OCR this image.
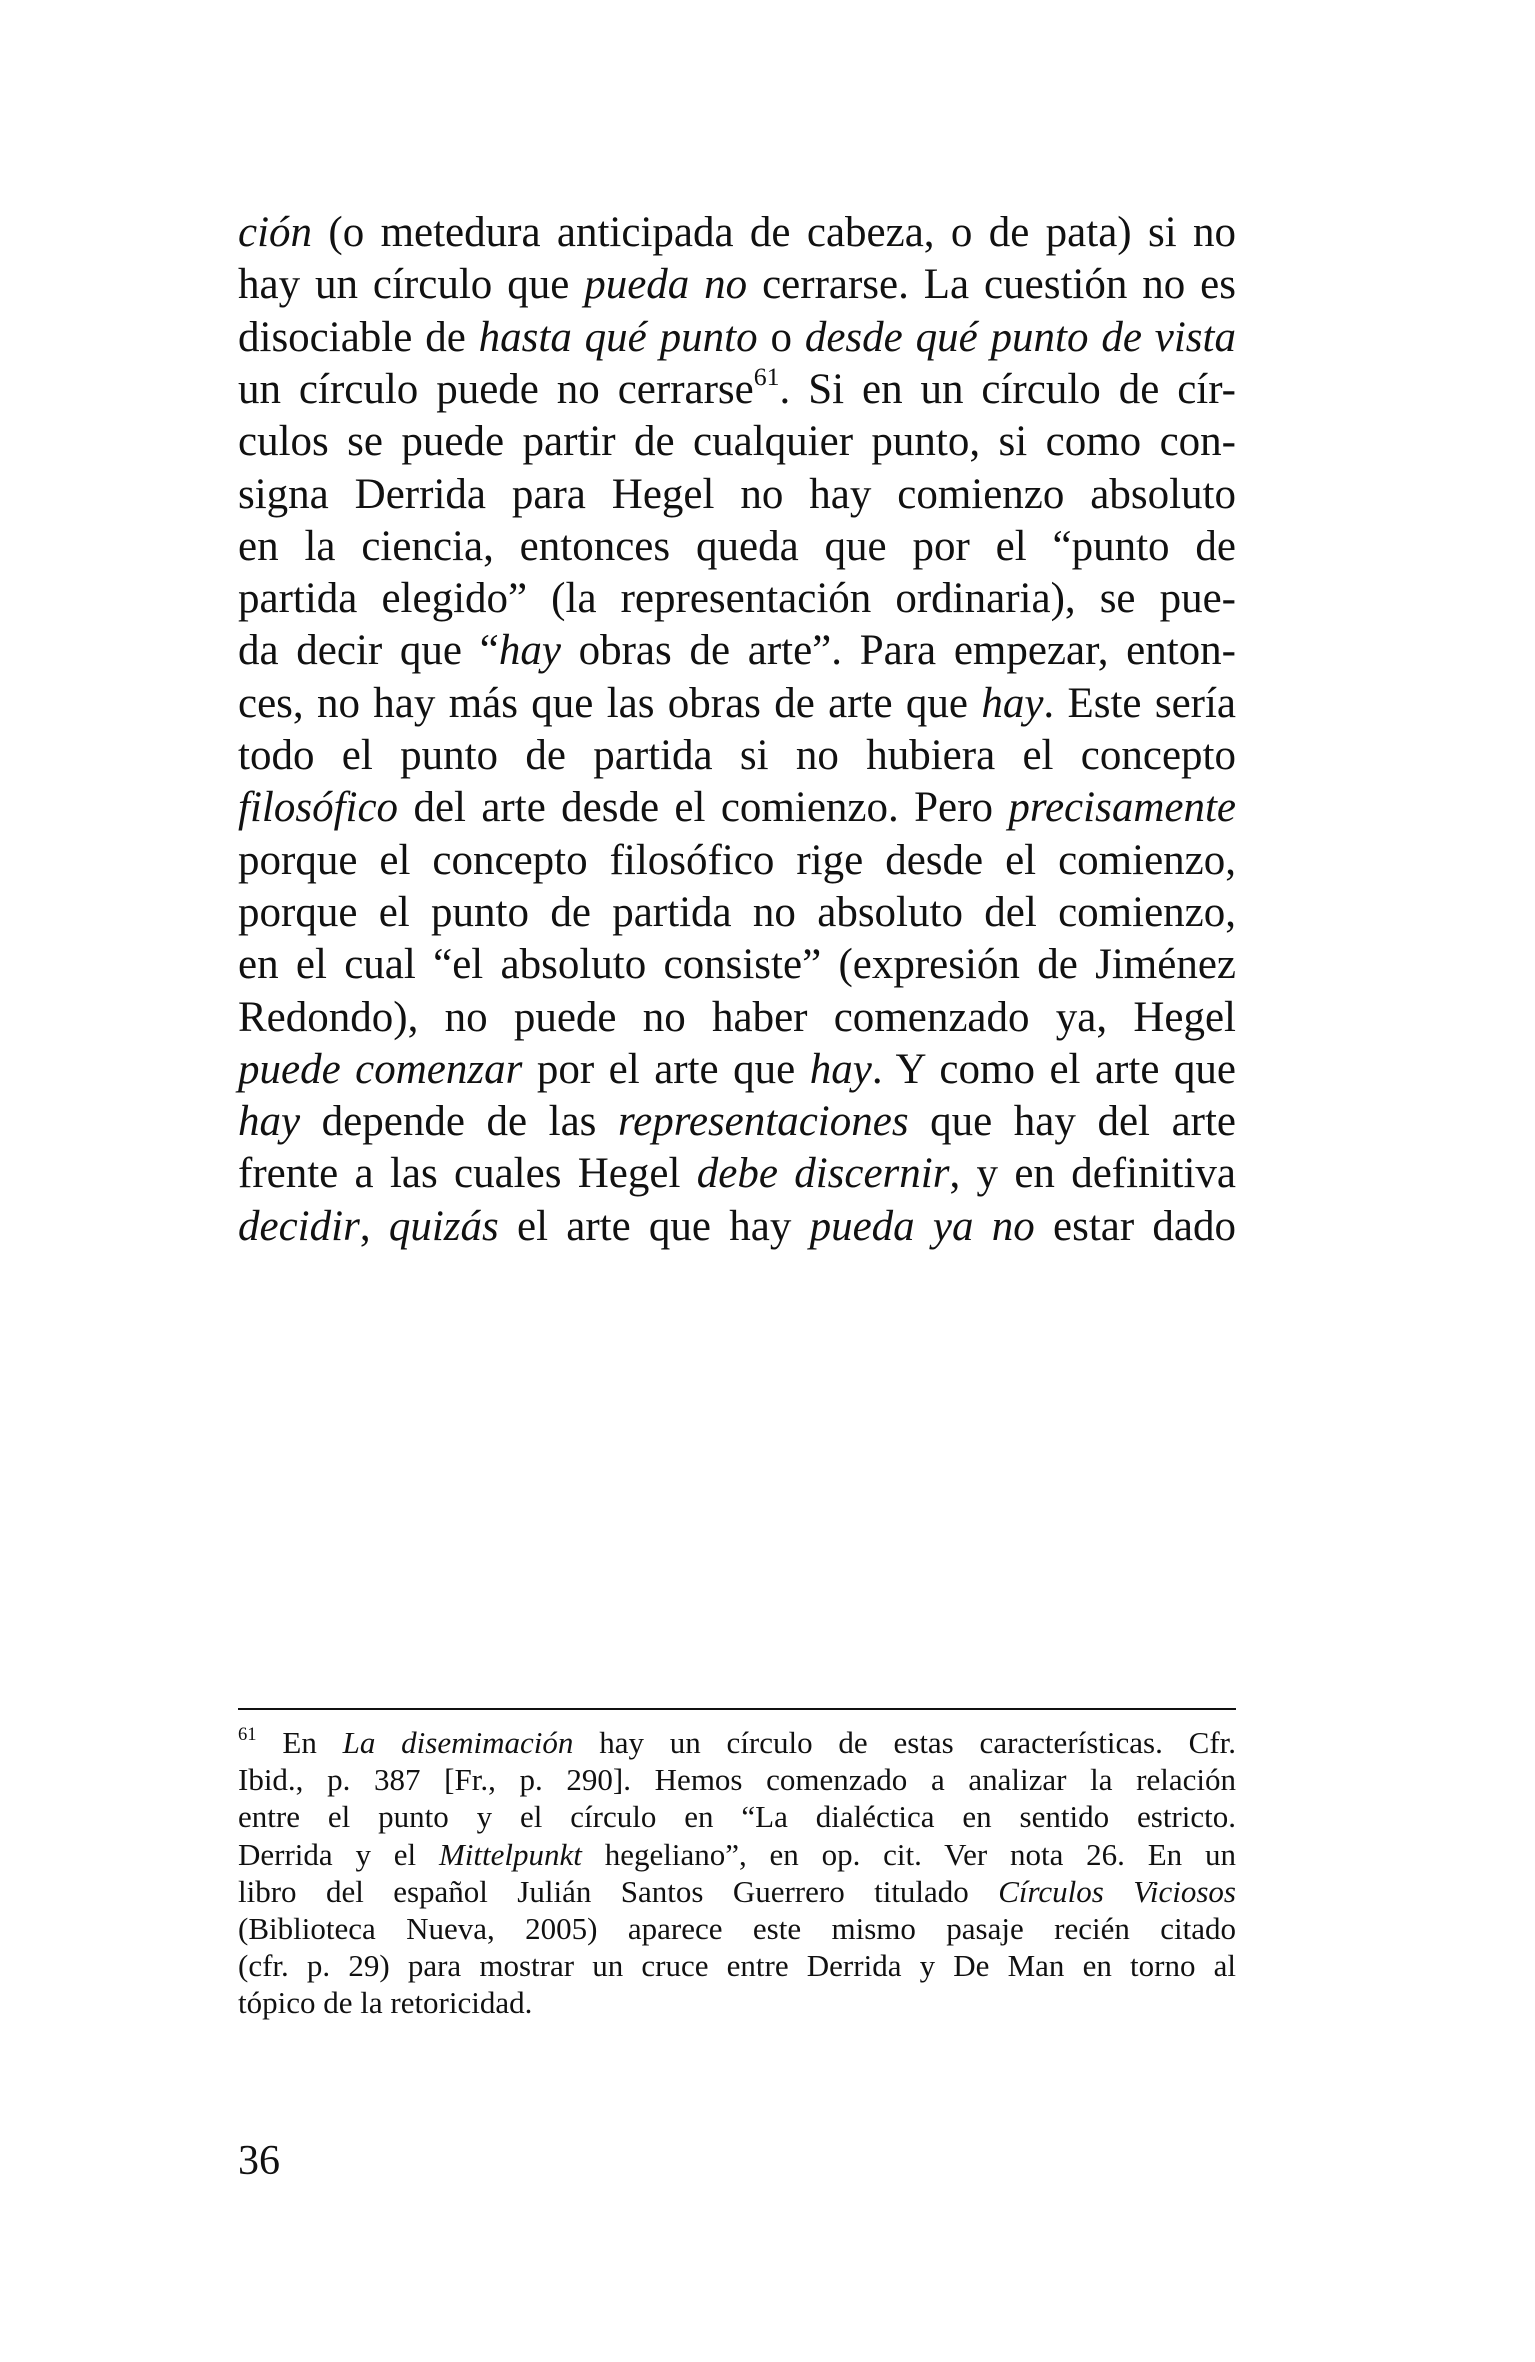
ción (o metedura anticipada de cabeza, o de pata) si no
hay un círculo que pueda no cerrarse. La cuestión no es
disociable de hasta qué punto o desde qué punto de vista
un círculo puede no cerrarse$^{61}$. Si en un círculo de cír-
culos se puede partir de cualquier punto, si como con-
signa Derrida para Hegel no hay comienzo absoluto
en la ciencia, entonces queda que por el “punto de
partida elegido” (la representación ordinaria), se pue-
da decir que “hay obras de arte”. Para empezar, enton-
ces, no hay más que las obras de arte que hay. Este sería
todo el punto de partida si no hubiera el concepto
filosófico del arte desde el comienzo. Pero precisamente
porque el concepto filosófico rige desde el comienzo,
porque el punto de partida no absoluto del comienzo,
en el cual “el absoluto consiste” (expresión de Jiménez
Redondo), no puede no haber comenzado ya, Hegel
puede comenzar por el arte que hay. Y como el arte que
hay depende de las representaciones que hay del arte
frente a las cuales Hegel debe discernir, y en definitiva
decidir, quizás el arte que hay pueda ya no estar dado
$^{61}$ En La disemimación hay un círculo de estas características. Cfr.
Ibid., p. 387 [Fr., p. 290]. Hemos comenzado a analizar la relación
entre el punto y el círculo en “La dialéctica en sentido estricto.
Derrida y el Mittelpunkt hegeliano”, en op. cit. Ver nota 26. En un
libro del español Julián Santos Guerrero titulado Círculos Viciosos
(Biblioteca Nueva, 2005) aparece este mismo pasaje recién citado
(cfr. p. 29) para mostrar un cruce entre Derrida y De Man en torno al
tópico de la retoricidad.
36
